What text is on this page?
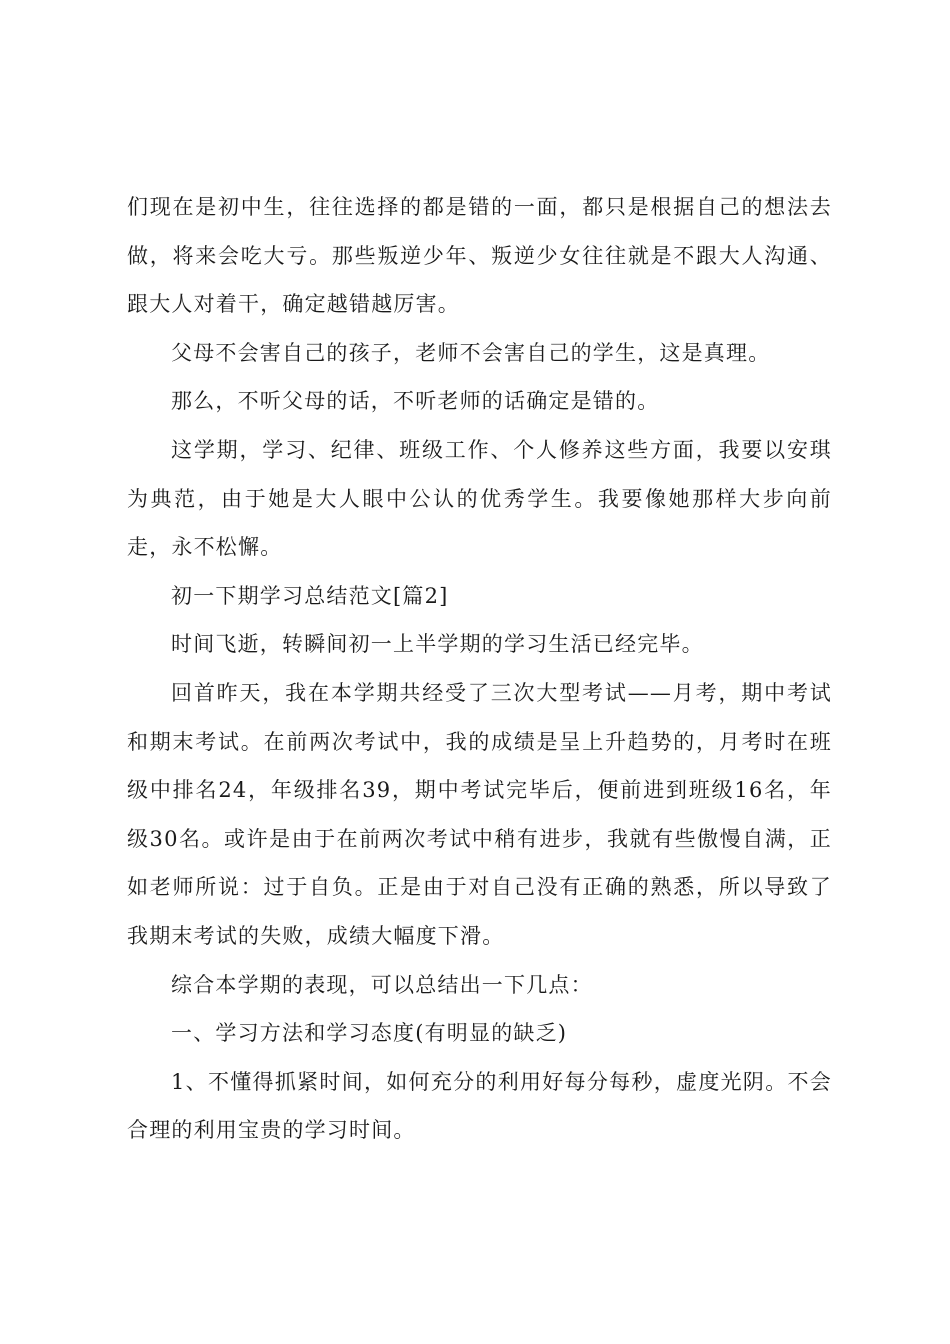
们现在是初中生，往往选择的都是错的一面，都只是根据自己的想法去做，将来会吃大亏。那些叛逆少年、叛逆少女往往就是不跟大人沟通、跟大人对着干，确定越错越厉害。

父母不会害自己的孩子，老师不会害自己的学生，这是真理。

那么，不听父母的话，不听老师的话确定是错的。

这学期，学习、纪律、班级工作、个人修养这些方面，我要以安琪为典范，由于她是大人眼中公认的优秀学生。我要像她那样大步向前走，永不松懈。

初一下期学习总结范文[篇2]

时间飞逝，转瞬间初一上半学期的学习生活已经完毕。

回首昨天，我在本学期共经受了三次大型考试——月考，期中考试和期末考试。在前两次考试中，我的成绩是呈上升趋势的，月考时在班级中排名24，年级排名39，期中考试完毕后，便前进到班级16名，年级30名。或许是由于在前两次考试中稍有进步，我就有些傲慢自满，正如老师所说：过于自负。正是由于对自己没有正确的熟悉，所以导致了我期末考试的失败，成绩大幅度下滑。

综合本学期的表现，可以总结出一下几点：

一、学习方法和学习态度(有明显的缺乏)

1、不懂得抓紧时间，如何充分的利用好每分每秒，虚度光阴。不会合理的利用宝贵的学习时间。
